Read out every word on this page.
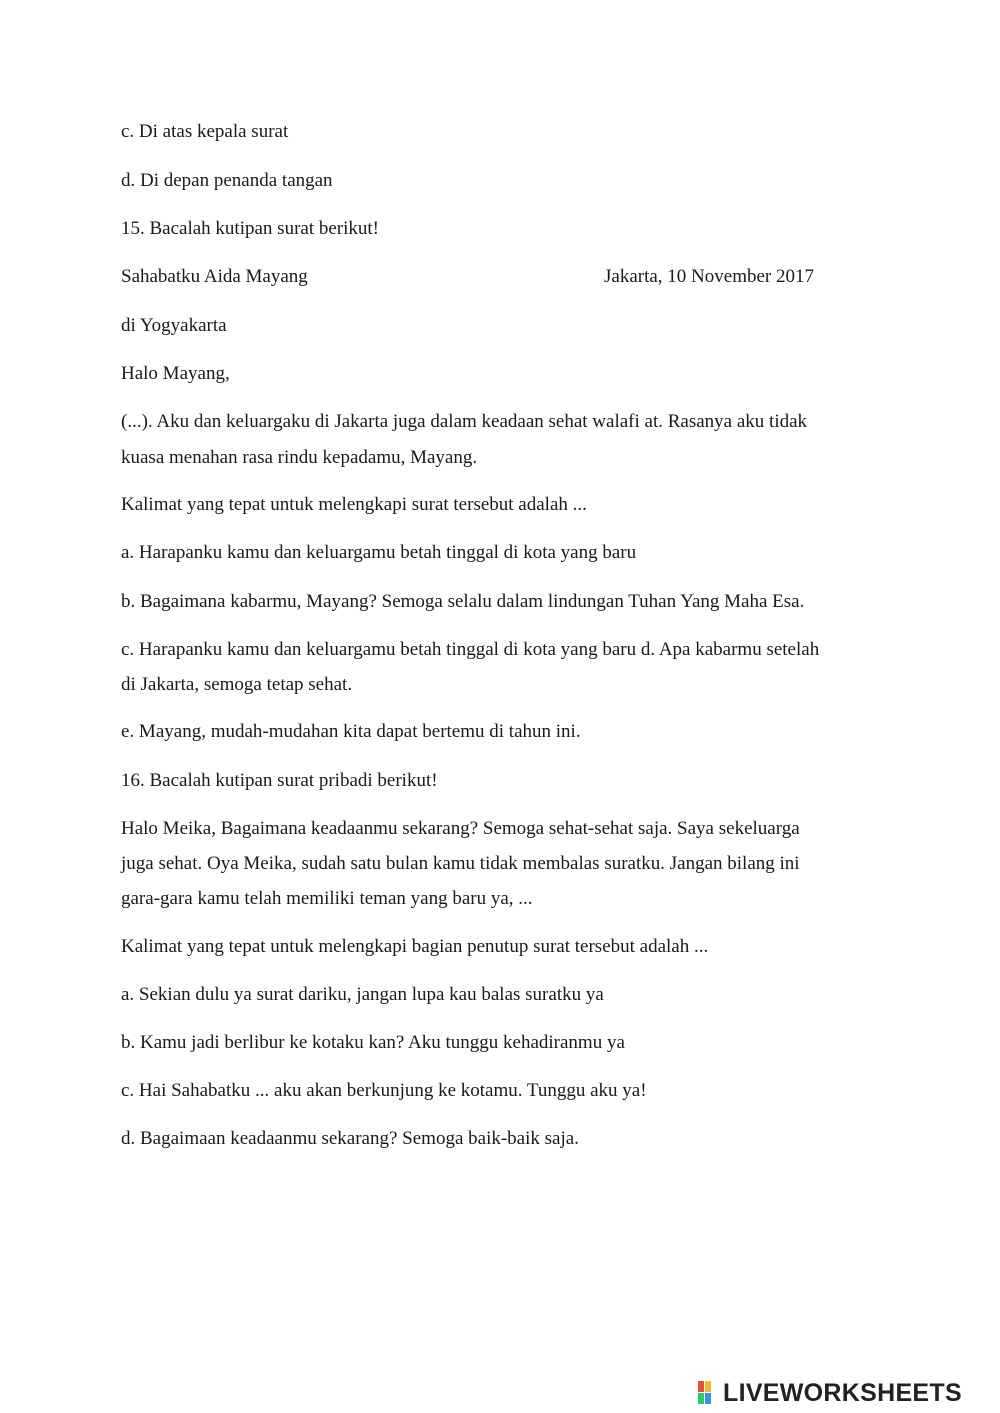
c. Di atas kepala surat
d. Di depan penanda tangan
15. Bacalah kutipan surat berikut!
Sahabatku Aida Mayang	Jakarta, 10 November 2017
di Yogyakarta
Halo Mayang,
(...). Aku dan keluargaku di Jakarta juga dalam keadaan sehat walafi at. Rasanya aku tidak
kuasa menahan rasa rindu kepadamu, Mayang.
Kalimat yang tepat untuk melengkapi surat tersebut adalah ...
a. Harapanku kamu dan keluargamu betah tinggal di kota yang baru
b. Bagaimana kabarmu, Mayang? Semoga selalu dalam lindungan Tuhan Yang Maha Esa.
c. Harapanku kamu dan keluargamu betah tinggal di kota yang baru d. Apa kabarmu setelah
di Jakarta, semoga tetap sehat.
e. Mayang, mudah-mudahan kita dapat bertemu di tahun ini.
16. Bacalah kutipan surat pribadi berikut!
Halo Meika, Bagaimana keadaanmu sekarang? Semoga sehat-sehat saja. Saya sekeluarga
juga sehat. Oya Meika, sudah satu bulan kamu tidak membalas suratku. Jangan bilang ini
gara-gara kamu telah memiliki teman yang baru ya, ...
Kalimat yang tepat untuk melengkapi bagian penutup surat tersebut adalah ...
a. Sekian dulu ya surat dariku, jangan lupa kau balas suratku ya
b. Kamu jadi berlibur ke kotaku kan? Aku tunggu kehadiranmu ya
c. Hai Sahabatku ... aku akan berkunjung ke kotamu. Tunggu aku ya!
d. Bagaimaan keadaanmu sekarang? Semoga baik-baik saja.
LIVEWORKSHEETS
